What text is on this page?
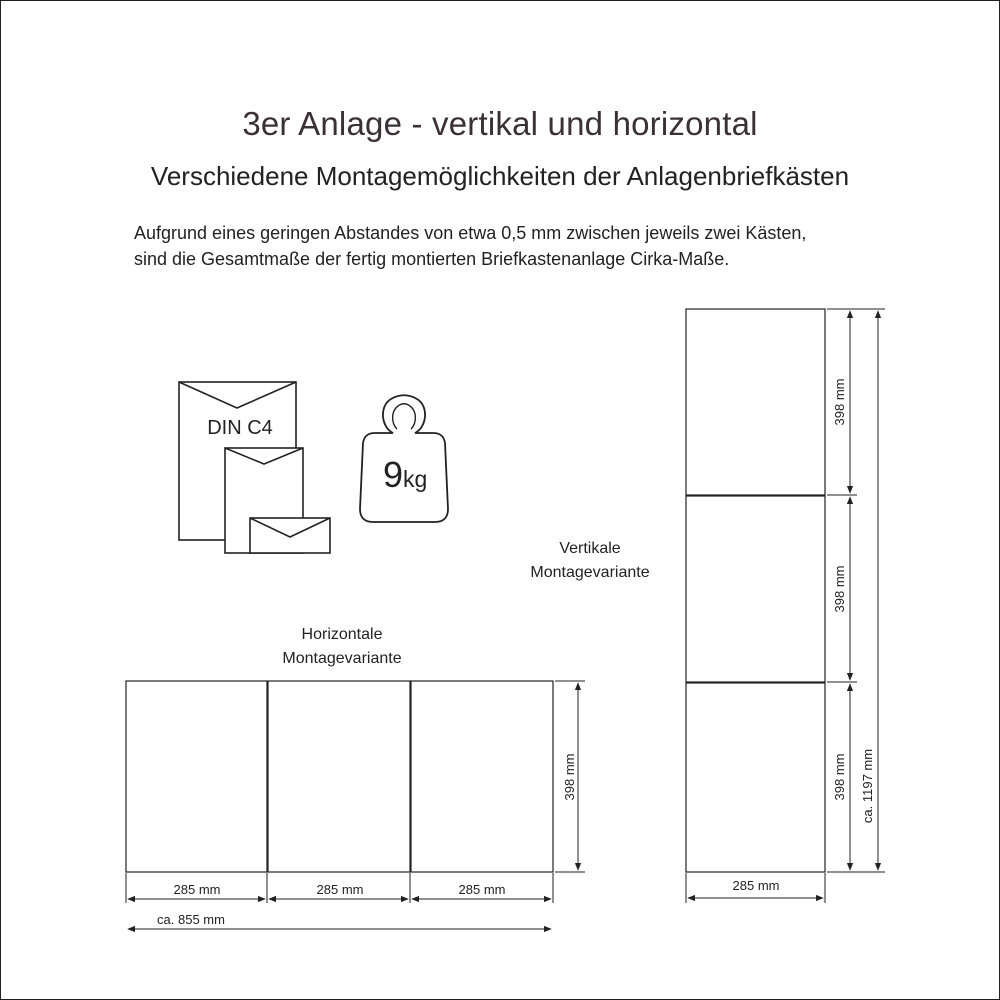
3er Anlage - vertikal und horizontal
Verschiedene Montagemöglichkeiten der Anlagenbriefkästen
Aufgrund eines geringen Abstandes von etwa 0,5 mm zwischen jeweils zwei Kästen,
sind die Gesamtmaße der fertig montierten Briefkastenanlage Cirka-Maße.
DIN C4
9 kg
Horizontale
Montagevariante
285 mm	285 mm	285 mm
ca. 855 mm
398 mm
Vertikale
Montagevariante
398 mm
398 mm
398 mm ca. 1197 mm
285 mm
